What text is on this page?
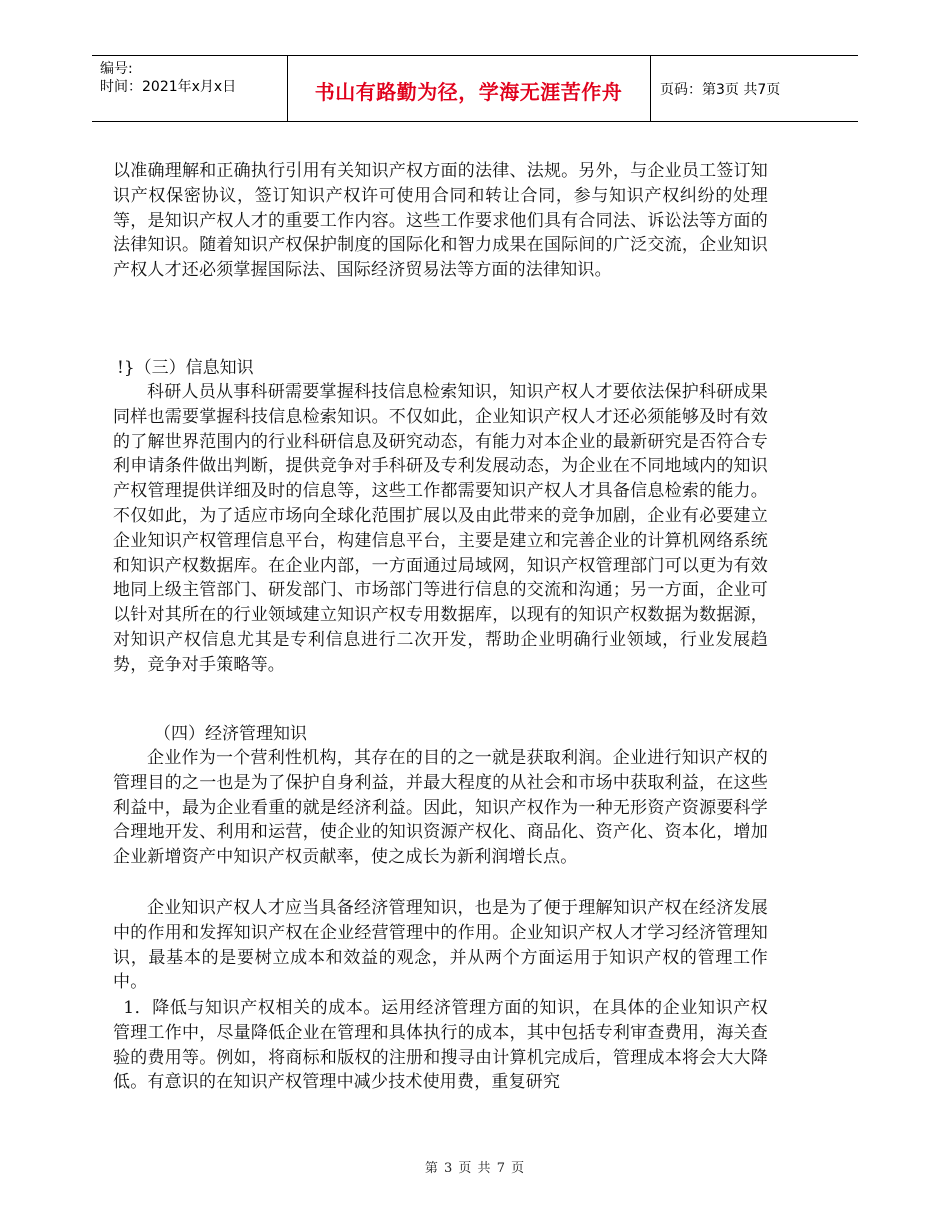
编号:
时间：2021年x月x日	书山有路勤为径，学海无涯苦作舟	页码：第3页 共7页

以准确理解和正确执行引用有关知识产权方面的法律、法规。另外，与企业员工签订知识产权保密协议，签订知识产权许可使用合同和转让合同，参与知识产权纠纷的处理等，是知识产权人才的重要工作内容。这些工作要求他们具有合同法、诉讼法等方面的法律知识。随着知识产权保护制度的国际化和智力成果在国际间的广泛交流，企业知识产权人才还必须掌握国际法、国际经济贸易法等方面的法律知识。

!}（三）信息知识

科研人员从事科研需要掌握科技信息检索知识，知识产权人才要依法保护科研成果同样也需要掌握科技信息检索知识。不仅如此，企业知识产权人才还必须能够及时有效的了解世界范围内的行业科研信息及研究动态，有能力对本企业的最新研究是否符合专利申请条件做出判断，提供竞争对手科研及专利发展动态，为企业在不同地域内的知识产权管理提供详细及时的信息等，这些工作都需要知识产权人才具备信息检索的能力。不仅如此，为了适应市场向全球化范围扩展以及由此带来的竞争加剧，企业有必要建立企业知识产权管理信息平台，构建信息平台，主要是建立和完善企业的计算机网络系统和知识产权数据库。在企业内部，一方面通过局域网，知识产权管理部门可以更为有效地同上级主管部门、研发部门、市场部门等进行信息的交流和沟通；另一方面，企业可以针对其所在的行业领域建立知识产权专用数据库，以现有的知识产权数据为数据源，对知识产权信息尤其是专利信息进行二次开发，帮助企业明确行业领域，行业发展趋势，竞争对手策略等。

（四）经济管理知识

企业作为一个营利性机构，其存在的目的之一就是获取利润。企业进行知识产权的管理目的之一也是为了保护自身利益，并最大程度的从社会和市场中获取利益，在这些利益中，最为企业看重的就是经济利益。因此，知识产权作为一种无形资产资源要科学合理地开发、利用和运营，使企业的知识资源产权化、商品化、资产化、资本化，增加企业新增资产中知识产权贡献率，使之成长为新利润增长点。

企业知识产权人才应当具备经济管理知识，也是为了便于理解知识产权在经济发展中的作用和发挥知识产权在企业经营管理中的作用。企业知识产权人才学习经济管理知识，最基本的是要树立成本和效益的观念，并从两个方面运用于知识产权的管理工作中。

1．降低与知识产权相关的成本。运用经济管理方面的知识，在具体的企业知识产权管理工作中，尽量降低企业在管理和具体执行的成本，其中包括专利审查费用，海关查验的费用等。例如，将商标和版权的注册和搜寻由计算机完成后，管理成本将会大大降低。有意识的在知识产权管理中减少技术使用费，重复研究

第 3 页 共 7 页
